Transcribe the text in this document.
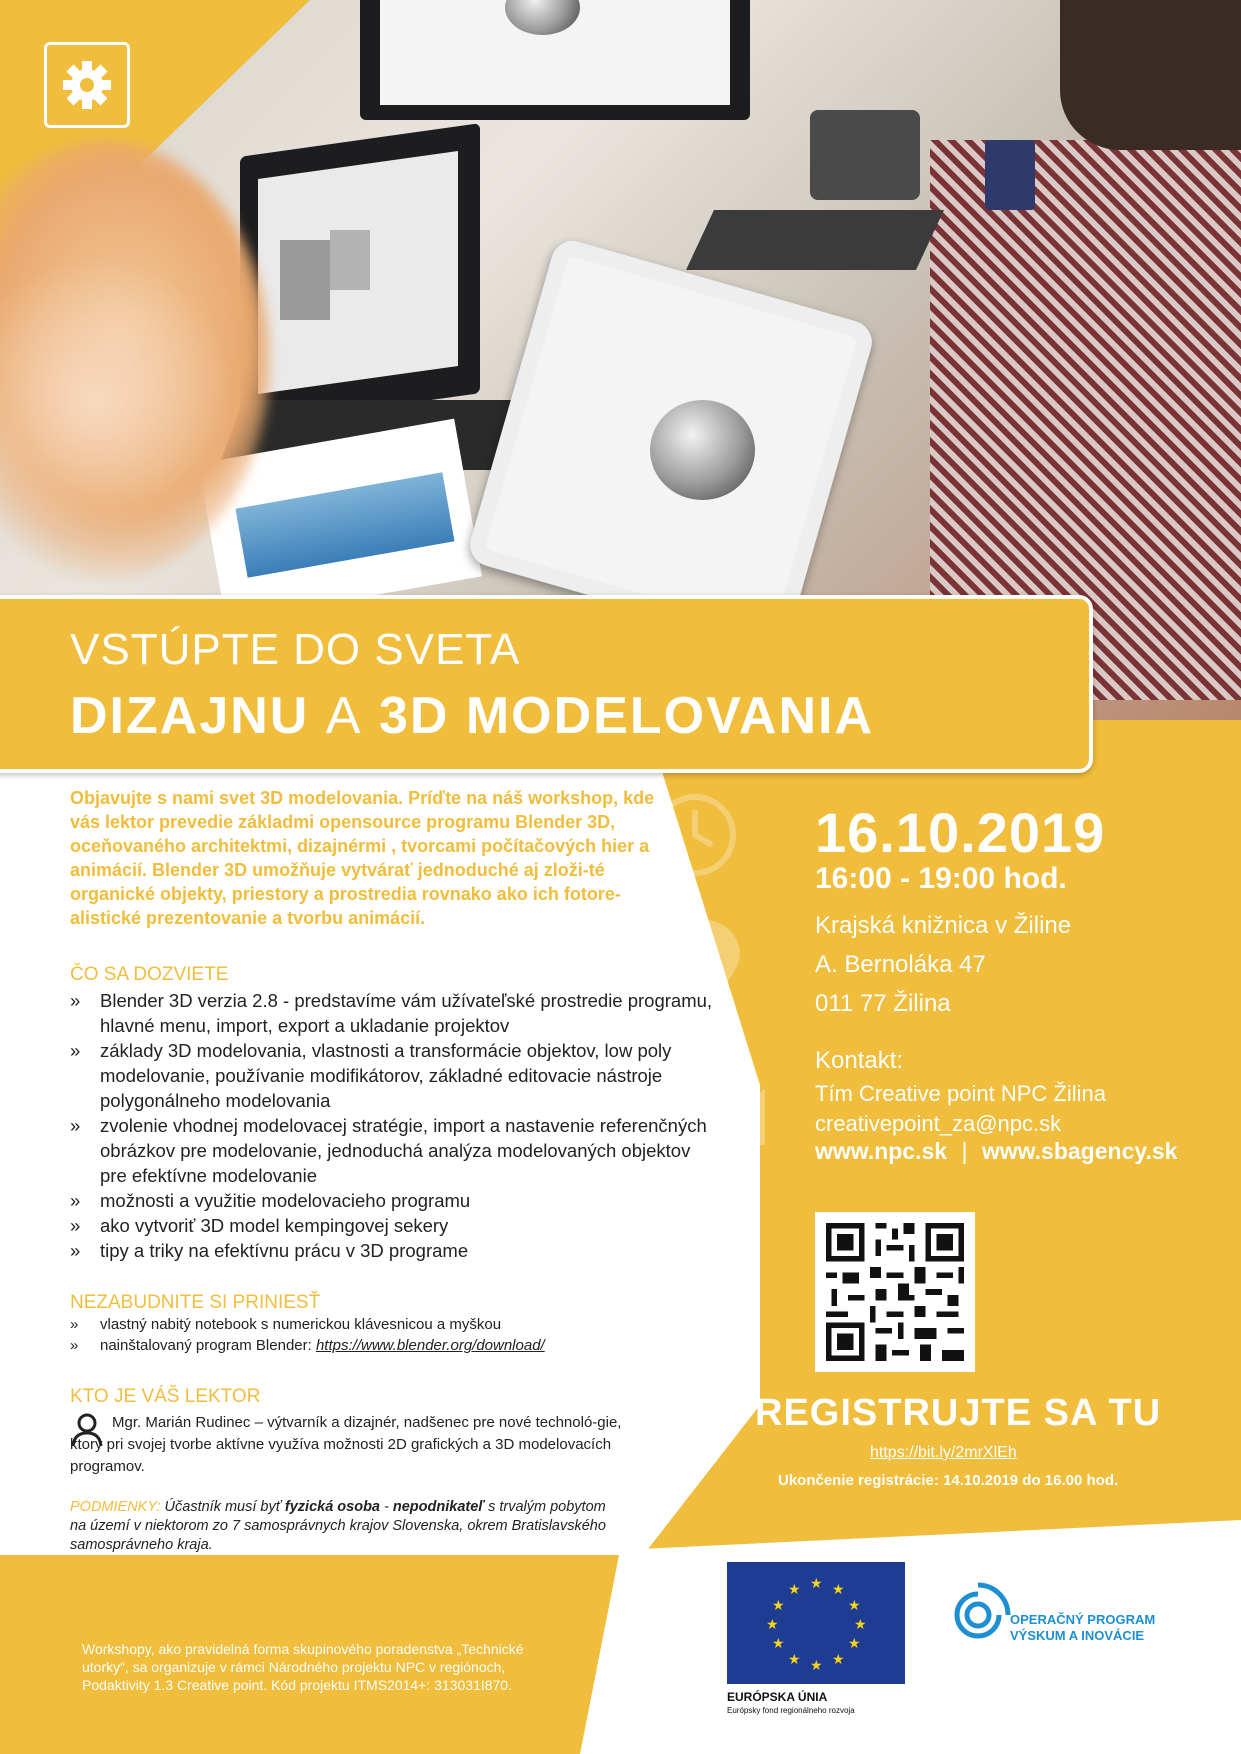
VSTÚPTE DO SVETA
DIZAJNU A 3D MODELOVANIA
Objavujte s nami svet 3D modelovania. Príďte na náš workshop, kde vás lektor prevedie základmi opensource programu Blender 3D, oceňovaného architektmi, dizajnérmi , tvorcami počítačových hier a animácií. Blender 3D umožňuje vytvárať jednoduché aj zloži-té organické objekty, priestory a prostredia rovnako ako ich fotore-alistické prezentovanie a tvorbu animácií.
ČO SA DOZVIETE
» Blender 3D verzia 2.8 - predstavíme vám užívateľské prostredie programu, hlavné menu, import, export a ukladanie projektov
» základy 3D modelovania, vlastnosti a transformácie objektov, low poly modelovanie, používanie modifikátorov, základné editovacie nástroje polygonálneho modelovania
» zvolenie vhodnej modelovacej stratégie, import a nastavenie referenčných obrázkov pre modelovanie, jednoduchá analýza modelovaných objektov pre efektívne modelovanie
» možnosti a využitie modelovacieho programu
» ako vytvoriť 3D model kempingovej sekery
» tipy a triky na efektívnu prácu v 3D programe
NEZABUDNITE SI PRINIESŤ
» vlastný nabitý notebook s numerickou klávesnicou a myškou
» nainštalovaný program Blender: https://www.blender.org/download/
KTO JE VÁŠ LEKTOR
Mgr. Marián Rudinec – výtvarník a dizajnér, nadšenec pre nové technoló-gie, ktorý pri svojej tvorbe aktívne využíva možnosti 2D grafických a 3D modelovacích programov.
PODMIENKY: Účastník musí byť fyzická osoba - nepodnikateľ s trvalým pobytom na území v niektorom zo 7 samosprávnych krajov Slovenska, okrem Bratislavského samosprávneho kraja.
16.10.2019
16:00 - 19:00 hod.
Krajská knižnica v Žiline
A. Bernoláka 47
011 77 Žilina
Kontakt:
Tím Creative point NPC Žilina
creativepoint_za@npc.sk
www.npc.sk | www.sbagency.sk
REGISTRUJTE SA TU
https://bit.ly/2mrXlEh
Ukončenie registrácie: 14.10.2019 do 16.00 hod.
Workshopy, ako pravidelná forma skupinového poradenstva „Technické utorky“, sa organizuje v rámci Národného projektu NPC v regiónoch, Podaktivity 1.3 Creative point. Kód projektu ITMS2014+: 313031I870.
★ ★
★
★
★
★
★
★
★
★
★
★
EURÓPSKA ÚNIA
Európsky fond regionálneho rozvoja
OPERAČNÝ PROGRAM
VÝSKUM A INOVÁCIE
